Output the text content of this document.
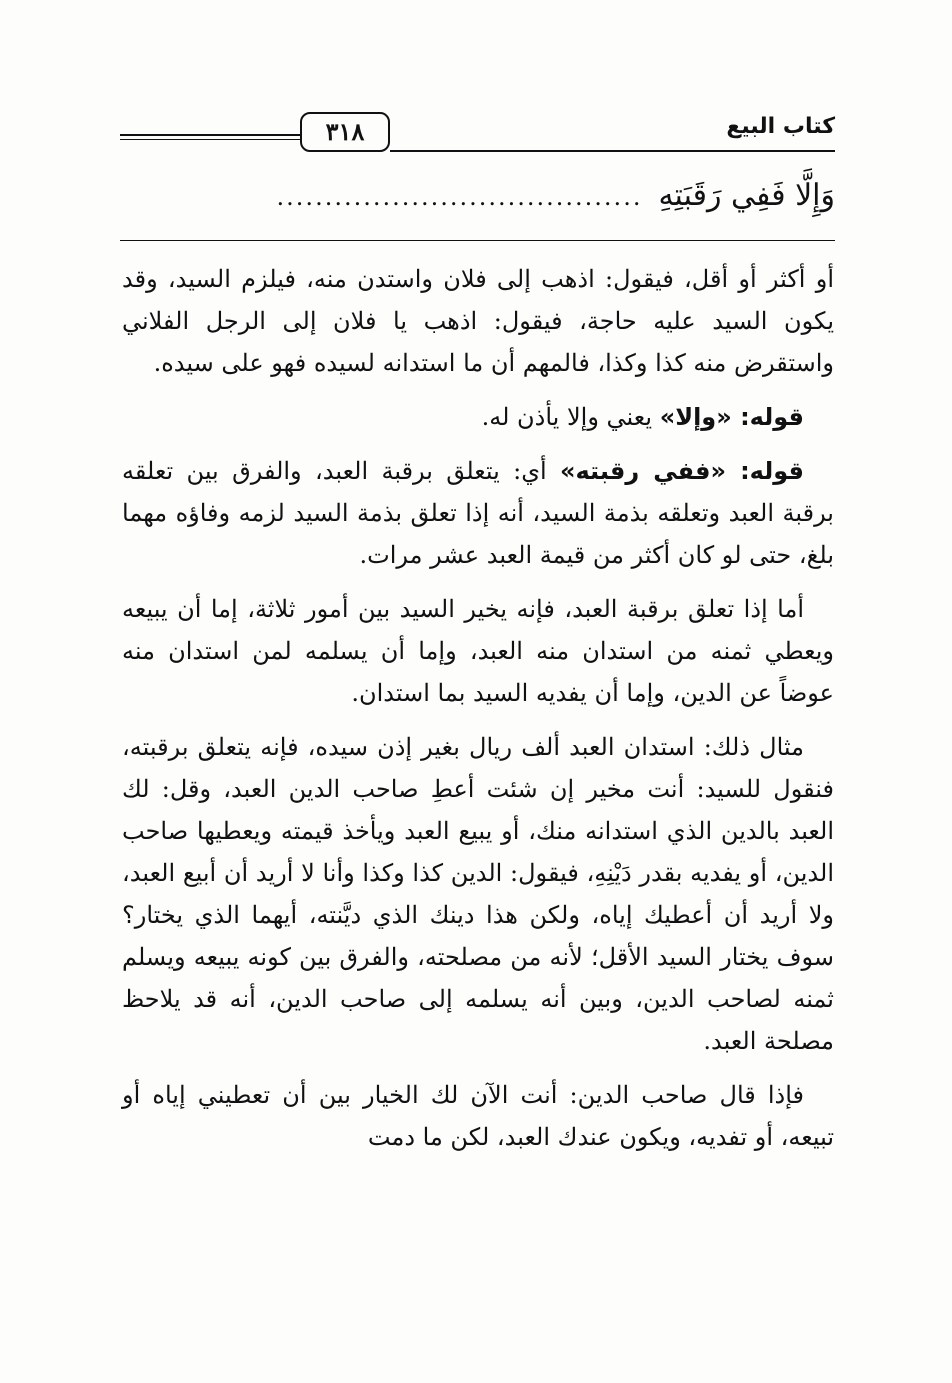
٣١٨	كتاب البيع
وَإِلَّا فَفِي رَقَبَتِهِ......................................

أو أكثر أو أقل، فيقول: اذهب إلى فلان واستدن منه، فيلزم السيد، وقد يكون السيد عليه حاجة، فيقول: اذهب يا فلان إلى الرجل الفلاني واستقرض منه كذا وكذا، فالمهم أن ما استدانه لسيده فهو على سيده.

قوله: «وإلا» يعني وإلا يأذن له.

قوله: «ففي رقبته» أي: يتعلق برقبة العبد، والفرق بين تعلقه برقبة العبد وتعلقه بذمة السيد، أنه إذا تعلق بذمة السيد لزمه وفاؤه مهما بلغ، حتى لو كان أكثر من قيمة العبد عشر مرات.

أما إذا تعلق برقبة العبد، فإنه يخير السيد بين أمور ثلاثة، إما أن يبيعه ويعطي ثمنه من استدان منه العبد، وإما أن يسلمه لمن استدان منه عوضاً عن الدين، وإما أن يفديه السيد بما استدان.

مثال ذلك: استدان العبد ألف ريال بغير إذن سيده، فإنه يتعلق برقبته، فنقول للسيد: أنت مخير إن شئت أعطِ صاحب الدين العبد، وقل: لك العبد بالدين الذي استدانه منك، أو يبيع العبد ويأخذ قيمته ويعطيها صاحب الدين، أو يفديه بقدر دَيْنِهِ، فيقول: الدين كذا وكذا وأنا لا أريد أن أبيع العبد، ولا أريد أن أعطيك إياه، ولكن هذا دينك الذي ديَّنته، أيهما الذي يختار؟ سوف يختار السيد الأقل؛ لأنه من مصلحته، والفرق بين كونه يبيعه ويسلم ثمنه لصاحب الدين، وبين أنه يسلمه إلى صاحب الدين، أنه قد يلاحظ مصلحة العبد.

فإذا قال صاحب الدين: أنت الآن لك الخيار بين أن تعطيني إياه أو تبيعه، أو تفديه، ويكون عندك العبد، لكن ما دمت
